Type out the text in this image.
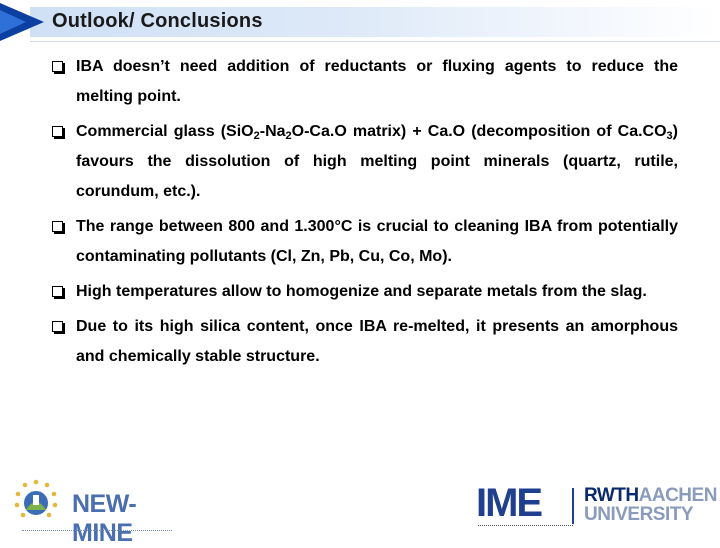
Outlook/ Conclusions
IBA doesn’t need addition of reductants or fluxing agents to reduce the melting point.
Commercial glass ($SiO_2-Na_2O-Ca.O$ matrix) + Ca.O (decomposition of $Ca.CO_3$) favours the dissolution of high melting point minerals (quartz, rutile, corundum, etc.).
The range between 800 and 1.300°C is crucial to cleaning IBA from potentially contaminating pollutants (Cl, Zn, Pb, Cu, Co, Mo).
High temperatures allow to homogenize and separate metals from the slag.
Due to its high silica content, once IBA re-melted, it presents an amorphous and chemically stable structure.
NEW-MINE
IME RWTHAACHEN
UNIVERSITY
